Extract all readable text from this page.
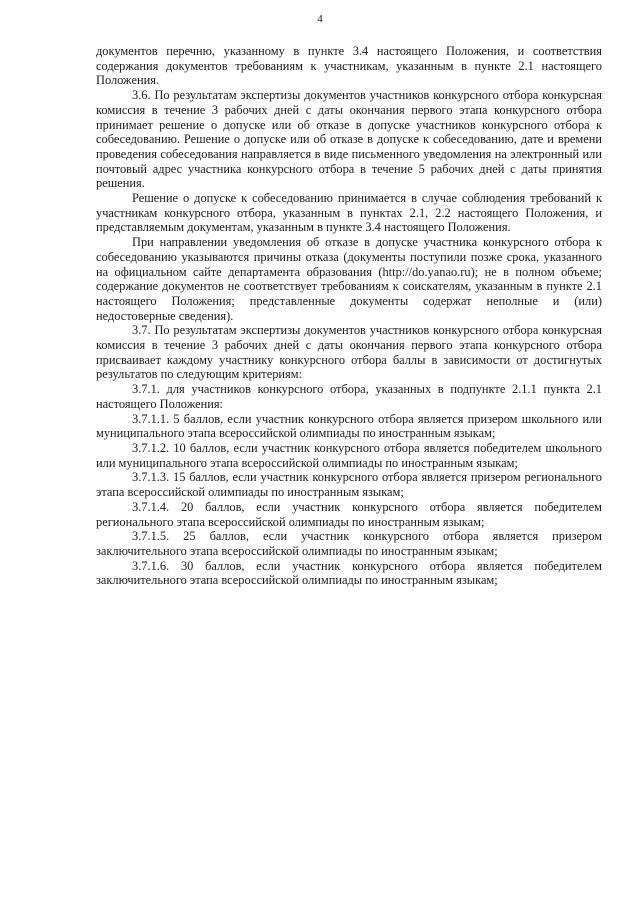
4

документов перечню, указанному в пункте 3.4 настоящего Положения, и соответствия содержания документов требованиям к участникам, указанным в пункте 2.1 настоящего Положения.

3.6. По результатам экспертизы документов участников конкурсного отбора конкурсная комиссия в течение 3 рабочих дней с даты окончания первого этапа конкурсного отбора принимает решение о допуске или об отказе в допуске участников конкурсного отбора к собеседованию. Решение о допуске или об отказе в допуске к собеседованию, дате и времени проведения собеседования направляется в виде письменного уведомления на электронный или почтовый адрес участника конкурсного отбора в течение 5 рабочих дней с даты принятия решения.

Решение о допуске к собеседованию принимается в случае соблюдения требований к участникам конкурсного отбора, указанным в пунктах 2.1, 2.2 настоящего Положения, и представляемым документам, указанным в пункте 3.4 настоящего Положения.

При направлении уведомления об отказе в допуске участника конкурсного отбора к собеседованию указываются причины отказа (документы поступили позже срока, указанного на официальном сайте департамента образования (http://do.yanao.ru); не в полном объеме; содержание документов не соответствует требованиям к соискателям, указанным в пункте 2.1 настоящего Положения; представленные документы содержат неполные и (или) недостоверные сведения).

3.7. По результатам экспертизы документов участников конкурсного отбора конкурсная комиссия в течение 3 рабочих дней с даты окончания первого этапа конкурсного отбора присваивает каждому участнику конкурсного отбора баллы в зависимости от достигнутых результатов по следующим критериям:

3.7.1. для участников конкурсного отбора, указанных в подпункте 2.1.1 пункта 2.1 настоящего Положения:

3.7.1.1. 5 баллов, если участник конкурсного отбора является призером школьного или муниципального этапа всероссийской олимпиады по иностранным языкам;

3.7.1.2. 10 баллов, если участник конкурсного отбора является победителем школьного или муниципального этапа всероссийской олимпиады по иностранным языкам;

3.7.1.3. 15 баллов, если участник конкурсного отбора является призером регионального этапа всероссийской олимпиады по иностранным языкам;

3.7.1.4. 20 баллов, если участник конкурсного отбора является победителем регионального этапа всероссийской олимпиады по иностранным языкам;

3.7.1.5. 25 баллов, если участник конкурсного отбора является призером заключительного этапа всероссийской олимпиады по иностранным языкам;

3.7.1.6. 30 баллов, если участник конкурсного отбора является победителем заключительного этапа всероссийской олимпиады по иностранным языкам;
